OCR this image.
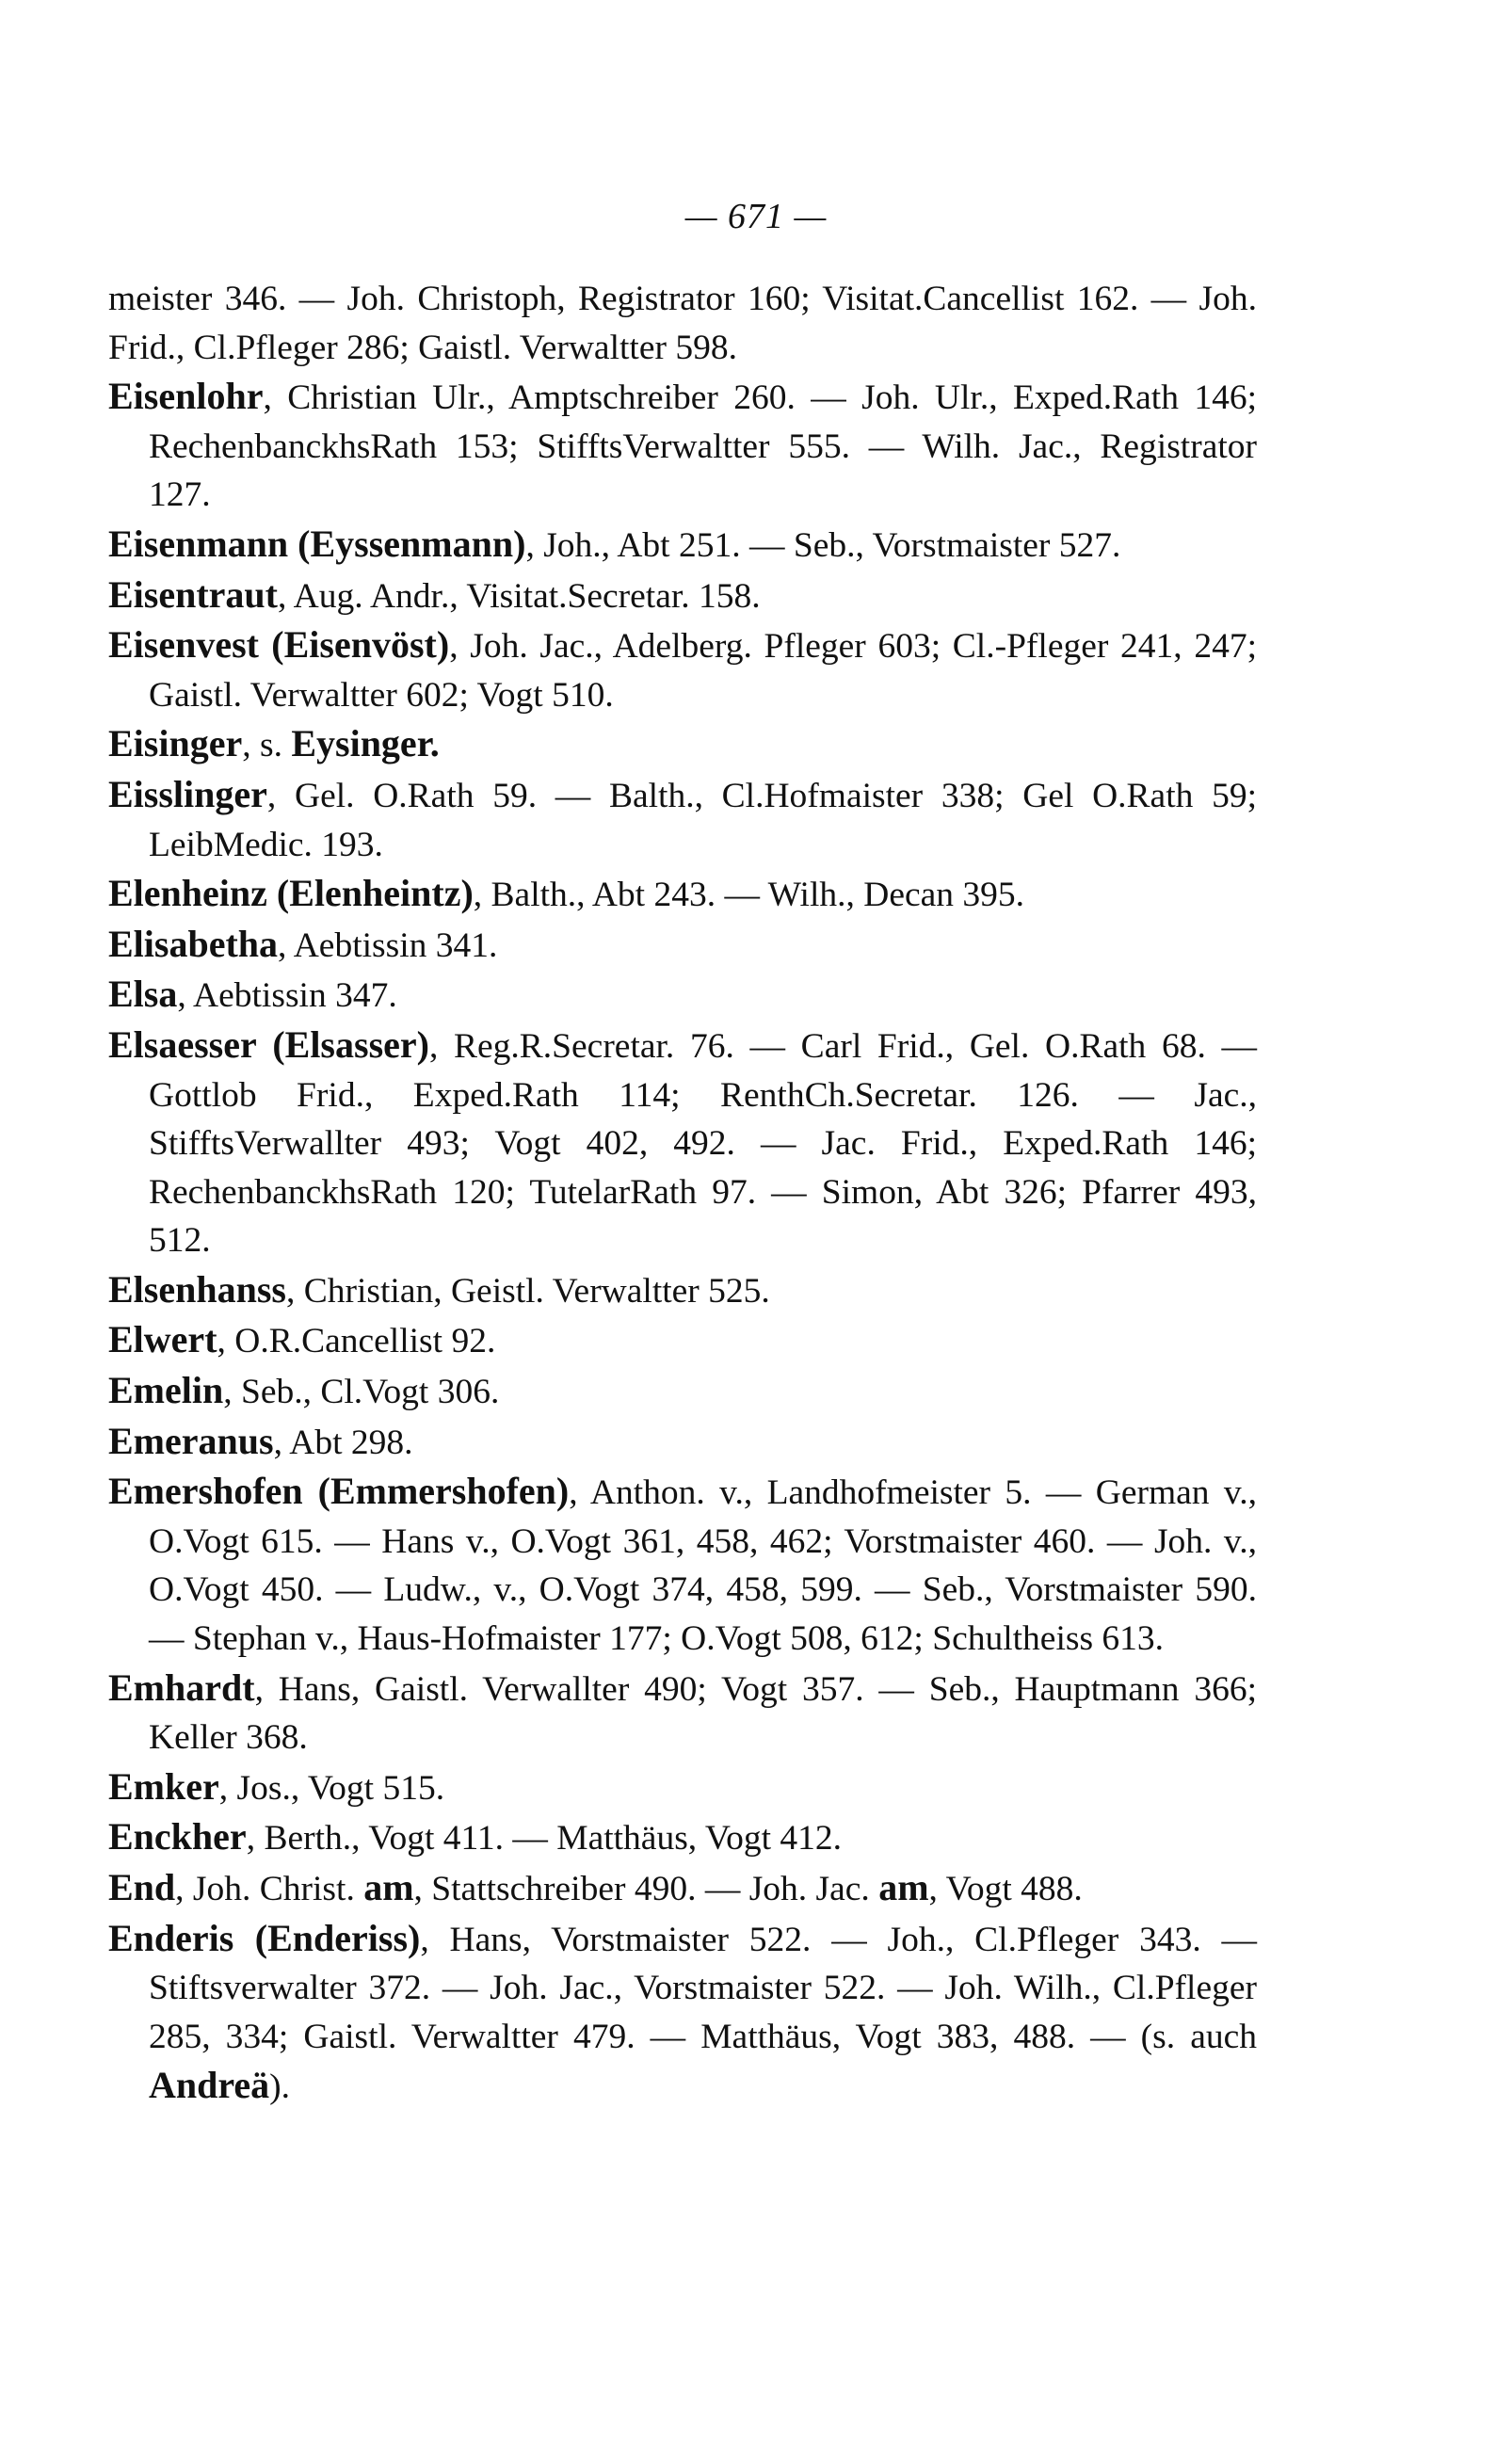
— 671 —

meister 346. — Joh. Christoph, Registrator 160; Visitat.Cancellist 162. — Joh. Frid., Cl.Pfleger 286; Gaistl. Verwaltter 598.

Eisenlohr, Christian Ulr., Amptschreiber 260. — Joh. Ulr., Exped.Rath 146; RechenbanckhsRath 153; StifftsVerwaltter 555. — Wilh. Jac., Registrator 127.

Eisenmann (Eyssenmann), Joh., Abt 251. — Seb., Vorstmaister 527.

Eisentraut, Aug. Andr., Visitat.Secretar. 158.

Eisenvest (Eisenvöst), Joh. Jac., Adelberg. Pfleger 603; Cl.-Pfleger 241, 247; Gaistl. Verwaltter 602; Vogt 510.

Eisinger, s. Eysinger.

Eisslinger, Gel. O.Rath 59. — Balth., Cl.Hofmaister 338; Gel O.Rath 59; LeibMedic. 193.

Elenheinz (Elenheintz), Balth., Abt 243. — Wilh., Decan 395.

Elisabetha, Aebtissin 341.

Elsa, Aebtissin 347.

Elsaesser (Elsasser), Reg.R.Secretar. 76. — Carl Frid., Gel. O.Rath 68. — Gottlob Frid., Exped.Rath 114; RenthCh.Secretar. 126. — Jac., StifftsVerwallter 493; Vogt 402, 492. — Jac. Frid., Exped.Rath 146; RechenbanckhsRath 120; TutelarRath 97. — Simon, Abt 326; Pfarrer 493, 512.

Elsenhanss, Christian, Geistl. Verwaltter 525.

Elwert, O.R.Cancellist 92.

Emelin, Seb., Cl.Vogt 306.

Emeranus, Abt 298.

Emershofen (Emmershofen), Anthon. v., Landhofmeister 5. — German v., O.Vogt 615. — Hans v., O.Vogt 361, 458, 462; Vorstmaister 460. — Joh. v., O.Vogt 450. — Ludw., v., O.Vogt 374, 458, 599. — Seb., Vorstmaister 590. — Stephan v., Haus-Hofmaister 177; O.Vogt 508, 612; Schultheiss 613.

Emhardt, Hans, Gaistl. Verwallter 490; Vogt 357. — Seb., Hauptmann 366; Keller 368.

Emker, Jos., Vogt 515.

Enckher, Berth., Vogt 411. — Matthäus, Vogt 412.

End, Joh. Christ. am, Stattschreiber 490. — Joh. Jac. am, Vogt 488.

Enderis (Enderiss), Hans, Vorstmaister 522. — Joh., Cl.Pfleger 343. — Stiftsverwalter 372. — Joh. Jac., Vorstmaister 522. — Joh. Wilh., Cl.Pfleger 285, 334; Gaistl. Verwaltter 479. — Matthäus, Vogt 383, 488. — (s. auch Andreä).
